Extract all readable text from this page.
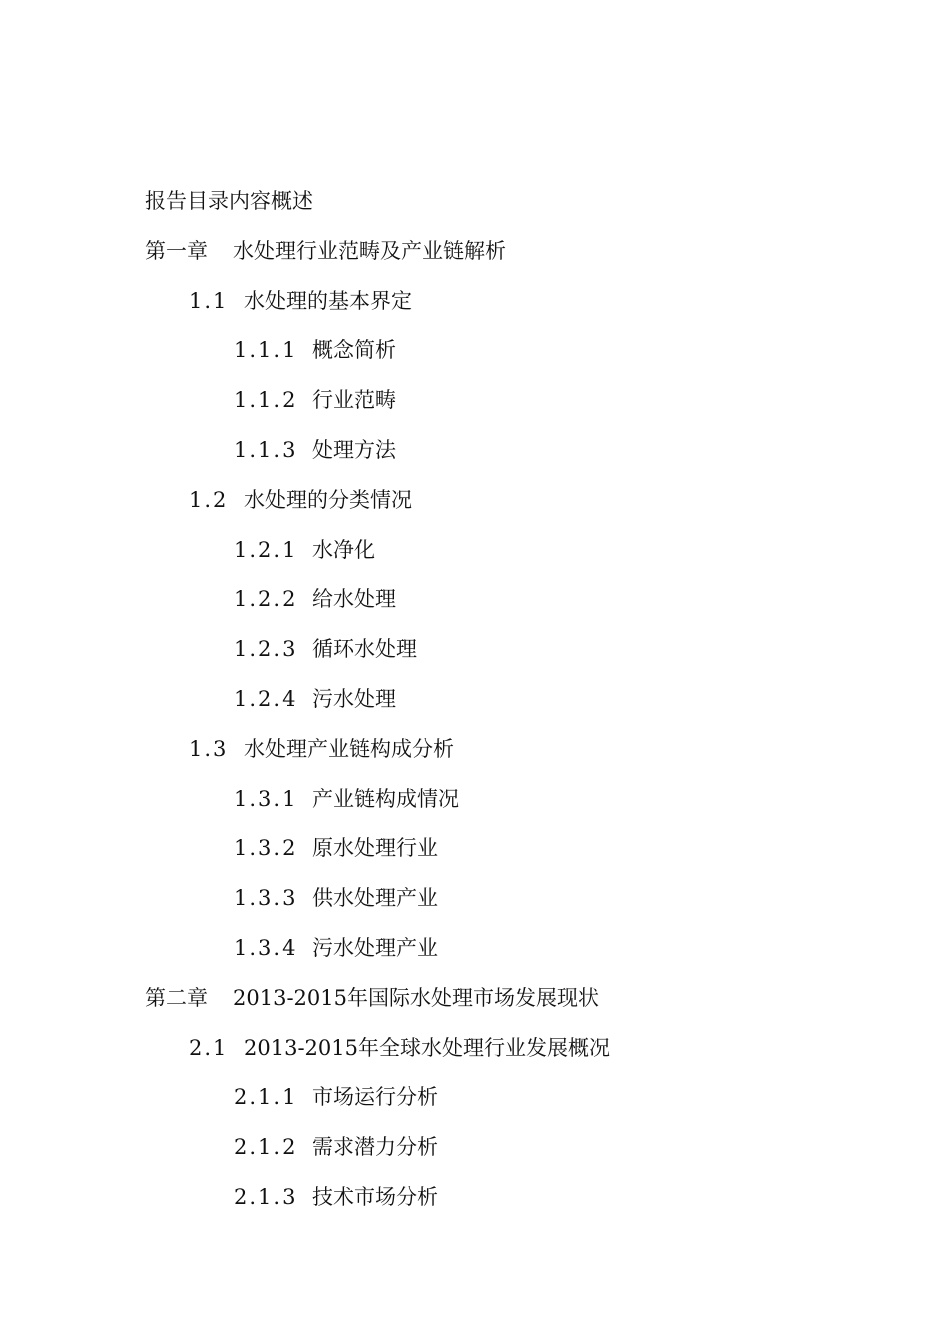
报告目录内容概述
第一章	水处理行业范畴及产业链解析
1.1 水处理的基本界定
1.1.1 概念简析
1.1.2 行业范畴
1.1.3 处理方法
1.2 水处理的分类情况
1.2.1 水净化
1.2.2 给水处理
1.2.3 循环水处理
1.2.4 污水处理
1.3 水处理产业链构成分析
1.3.1 产业链构成情况
1.3.2 原水处理行业
1.3.3 供水处理产业
1.3.4 污水处理产业
第二章	2013-2015年国际水处理市场发展现状
2.1 2013-2015年全球水处理行业发展概况
2.1.1 市场运行分析
2.1.2 需求潜力分析
2.1.3 技术市场分析
